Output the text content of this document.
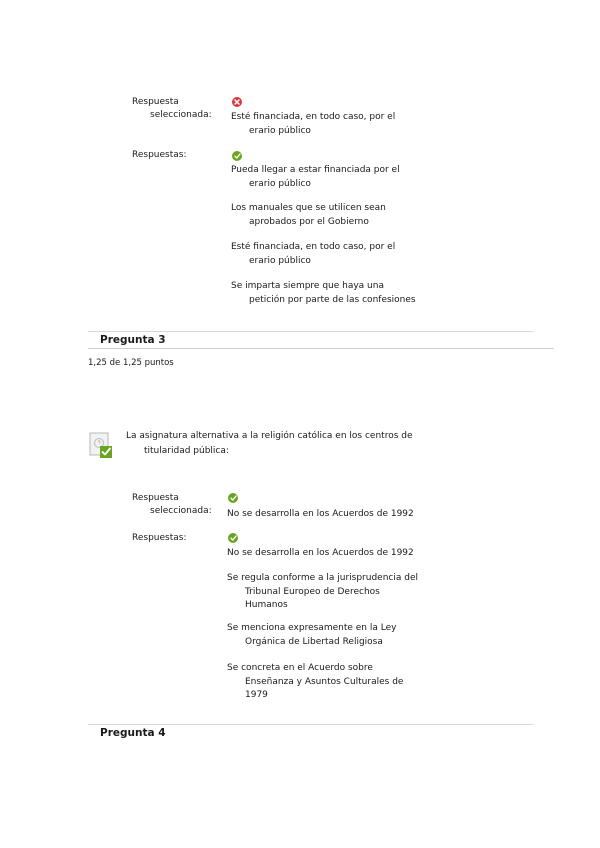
Respuesta
seleccionada: Esté financiada, en todo caso, por el erario público
Respuestas:
Pueda llegar a estar financiada por el erario público
Los manuales que se utilicen sean aprobados por el Gobierno
Esté financiada, en todo caso, por el erario público
Se imparta siempre que haya una petición por parte de las confesiones
Pregunta 3
1,25 de 1,25 puntos
La asignatura alternativa a la religión católica en los centros de titularidad pública:
Respuesta
seleccionada: No se desarrolla en los Acuerdos de 1992
Respuestas:
No se desarrolla en los Acuerdos de 1992
Se regula conforme a la jurisprudencia del Tribunal Europeo de Derechos Humanos
Se menciona expresamente en la Ley Orgánica de Libertad Religiosa
Se concreta en el Acuerdo sobre Enseñanza y Asuntos Culturales de 1979
Pregunta 4
